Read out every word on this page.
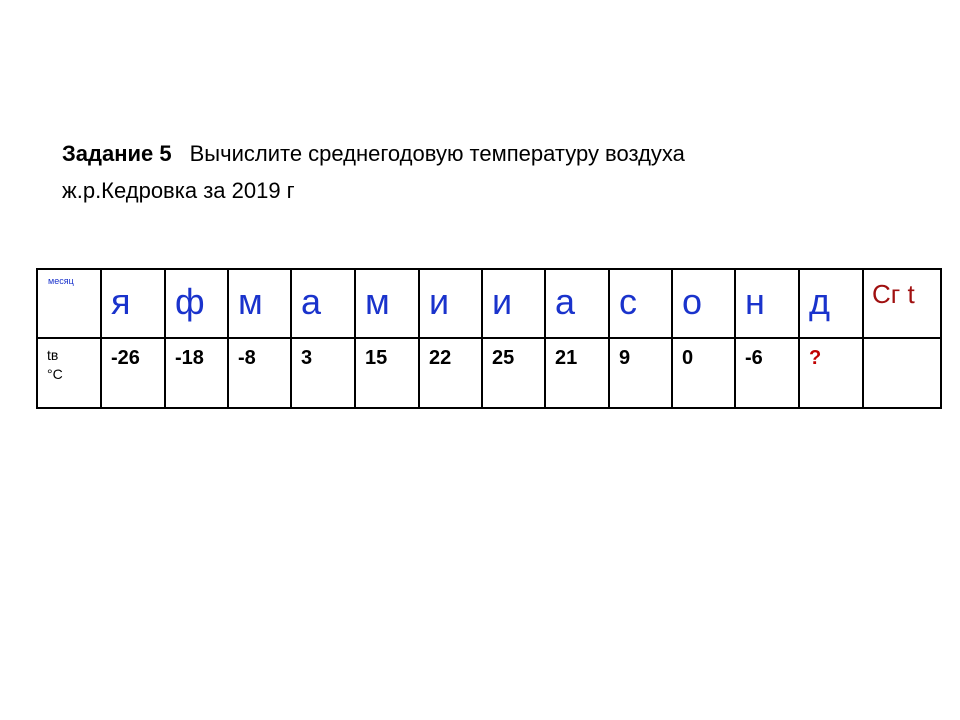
Задание 5 Вычислите среднегодовую температуру воздуха
ж.р.Кедровка за 2019 г
месяц	я	ф	м	а	м	и	и	а	с	о	н	д	Сг t

tв
°С	-26	-18	-8	3	15	22	25	21	9	0	-6	?	
